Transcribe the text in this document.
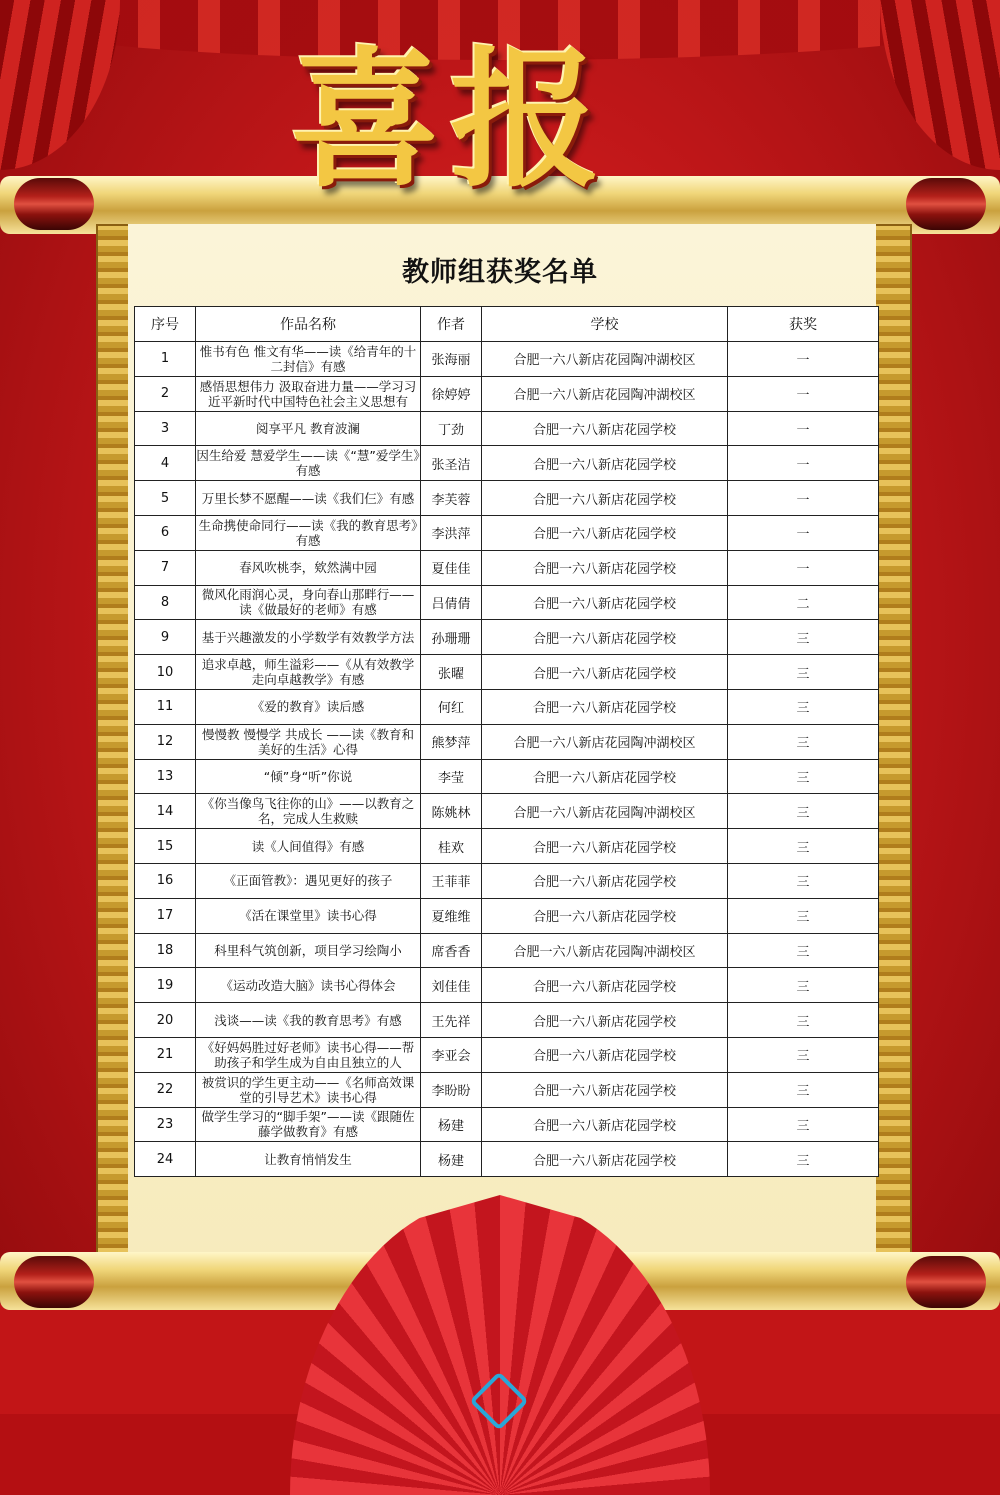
喜报
教师组获奖名单
序号	作品名称	作者	学校	获奖
1	惟书有色 惟文有华——读《给青年的十二封信》有感	张海丽	合肥一六八新店花园陶冲湖校区	一
2	感悟思想伟力 汲取奋进力量——学习习近平新时代中国特色社会主义思想有	徐婷婷	合肥一六八新店花园陶冲湖校区	一
3	阅享平凡 教育波澜	丁劲	合肥一六八新店花园学校	一
4	因生给爱 慧爱学生——读《“慧”爱学生》有感	张圣洁	合肥一六八新店花园学校	一
5	万里长梦不愿醒——读《我们仨》有感	李芙蓉	合肥一六八新店花园学校	一
6	生命携使命同行——读《我的教育思考》有感	李洪萍	合肥一六八新店花园学校	一
7	春风吹桃李，欸然满中园	夏佳佳	合肥一六八新店花园学校	一
8	微风化雨润心灵，身向春山那畔行——读《做最好的老师》有感	吕倩倩	合肥一六八新店花园学校	二
9	基于兴趣激发的小学数学有效教学方法	孙珊珊	合肥一六八新店花园学校	三
10	追求卓越，师生溢彩——《从有效教学走向卓越教学》有感	张曜	合肥一六八新店花园学校	三
11	《爱的教育》读后感	何红	合肥一六八新店花园学校	三
12	慢慢教 慢慢学 共成长 ——读《教育和美好的生活》心得	熊梦萍	合肥一六八新店花园陶冲湖校区	三
13	“倾”身“听”你说	李莹	合肥一六八新店花园学校	三
14	《你当像鸟飞往你的山》——以教育之名，完成人生救赎	陈姚林	合肥一六八新店花园陶冲湖校区	三
15	读《人间值得》有感	桂欢	合肥一六八新店花园学校	三
16	《正面管教》：遇见更好的孩子	王菲菲	合肥一六八新店花园学校	三
17	《活在课堂里》读书心得	夏维维	合肥一六八新店花园学校	三
18	科里科气筑创新，项目学习绘陶小	席香香	合肥一六八新店花园陶冲湖校区	三
19	《运动改造大脑》读书心得体会	刘佳佳	合肥一六八新店花园学校	三
20	浅谈——读《我的教育思考》有感	王先祥	合肥一六八新店花园学校	三
21	《好妈妈胜过好老师》读书心得——帮助孩子和学生成为自由且独立的人	李亚会	合肥一六八新店花园学校	三
22	被赏识的学生更主动——《名师高效课堂的引导艺术》读书心得	李盼盼	合肥一六八新店花园学校	三
23	做学生学习的“脚手架”——读《跟随佐藤学做教育》有感	杨建	合肥一六八新店花园学校	三
24	让教育悄悄发生	杨建	合肥一六八新店花园学校	三
